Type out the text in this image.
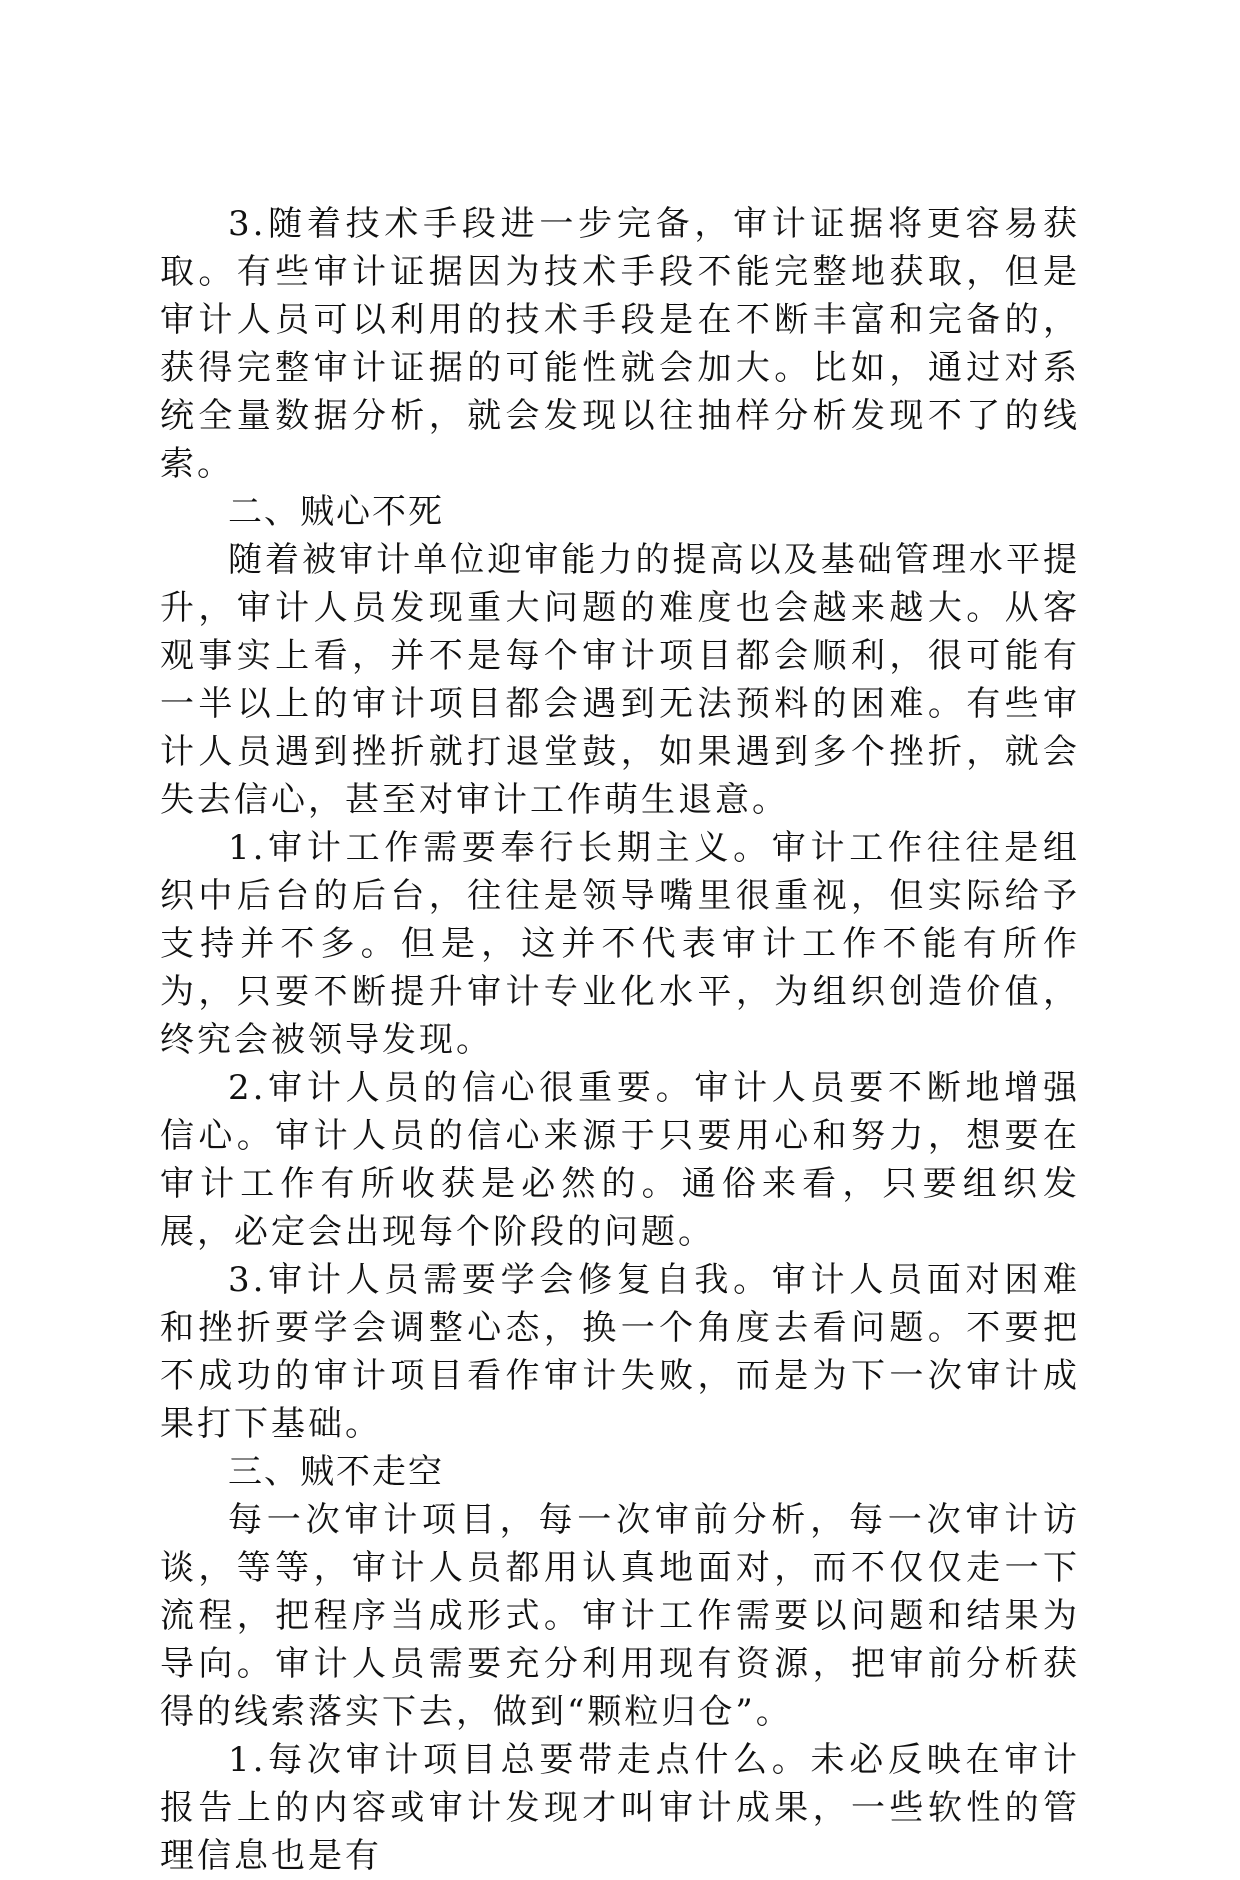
3.随着技术手段进一步完备，审计证据将更容易获取。有些审计证据因为技术手段不能完整地获取，但是审计人员可以利用的技术手段是在不断丰富和完备的，获得完整审计证据的可能性就会加大。比如，通过对系统全量数据分析，就会发现以往抽样分析发现不了的线索。

二、贼心不死

随着被审计单位迎审能力的提高以及基础管理水平提升，审计人员发现重大问题的难度也会越来越大。从客观事实上看，并不是每个审计项目都会顺利，很可能有一半以上的审计项目都会遇到无法预料的困难。有些审计人员遇到挫折就打退堂鼓，如果遇到多个挫折，就会失去信心，甚至对审计工作萌生退意。

1.审计工作需要奉行长期主义。审计工作往往是组织中后台的后台，往往是领导嘴里很重视，但实际给予支持并不多。但是，这并不代表审计工作不能有所作为，只要不断提升审计专业化水平，为组织创造价值，终究会被领导发现。

2.审计人员的信心很重要。审计人员要不断地增强信心。审计人员的信心来源于只要用心和努力，想要在审计工作有所收获是必然的。通俗来看，只要组织发展，必定会出现每个阶段的问题。

3.审计人员需要学会修复自我。审计人员面对困难和挫折要学会调整心态，换一个角度去看问题。不要把不成功的审计项目看作审计失败，而是为下一次审计成果打下基础。

三、贼不走空

每一次审计项目，每一次审前分析，每一次审计访谈，等等，审计人员都用认真地面对，而不仅仅走一下流程，把程序当成形式。审计工作需要以问题和结果为导向。审计人员需要充分利用现有资源，把审前分析获得的线索落实下去，做到“颗粒归仓”。

1.每次审计项目总要带走点什么。未必反映在审计报告上的内容或审计发现才叫审计成果，一些软性的管理信息也是有
